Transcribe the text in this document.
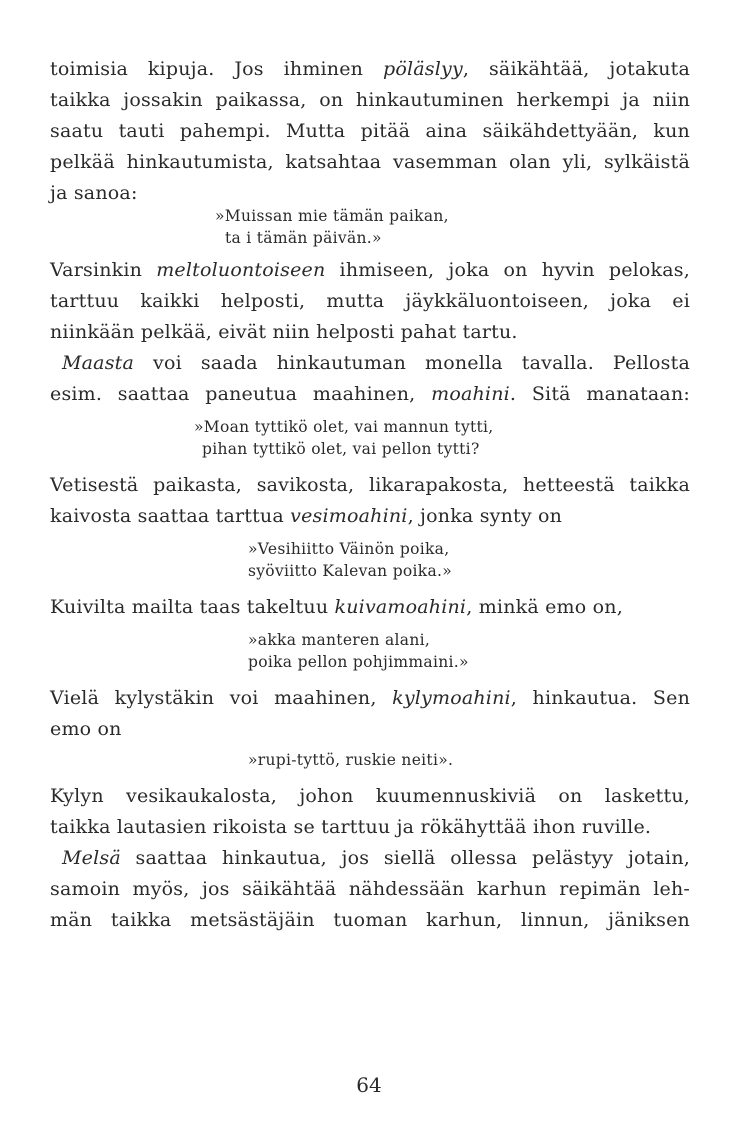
toimisia kipuja. Jos ihminen pöläslyy, säikähtää, jotakuta
taikka jossakin paikassa, on hinkautuminen herkempi ja niin
saatu tauti pahempi. Mutta pitää aina säikähdettyään, kun
pelkää hinkautumista, katsahtaa vasemman olan yli, sylkäistä
ja sanoa:
»Muissan mie tämän paikan,
ta i tämän päivän.»
Varsinkin meltoluontoiseen ihmiseen, joka on hyvin pelokas,
tarttuu kaikki helposti, mutta jäykkäluontoiseen, joka ei
niinkään pelkää, eivät niin helposti pahat tartu.
Maasta voi saada hinkautuman monella tavalla. Pellosta
esim. saattaa paneutua maahinen, moahini. Sitä manataan:
»Moan tyttikö olet, vai mannun tytti,
pihan tyttikö olet, vai pellon tytti?
Vetisestä paikasta, savikosta, likarapakosta, hetteestä taikka
kaivosta saattaa tarttua vesimoahini, jonka synty on
»Vesihiitto Väinön poika,
syöviitto Kalevan poika.»
Kuivilta mailta taas takeltuu kuivamoahini, minkä emo on,
»akka manteren alani,
poika pellon pohjimmaini.»
Vielä kylystäkin voi maahinen, kylymoahini, hinkautua. Sen
emo on
»rupi-tyttö, ruskie neiti».
Kylyn vesikaukalosta, johon kuumennuskiviä on laskettu,
taikka lautasien rikoista se tarttuu ja rökähyttää ihon ruville.
Melsä saattaa hinkautua, jos siellä ollessa pelästyy jotain,
samoin myös, jos säikähtää nähdessään karhun repimän leh-
män taikka metsästäjäin tuoman karhun, linnun, jäniksen
64
